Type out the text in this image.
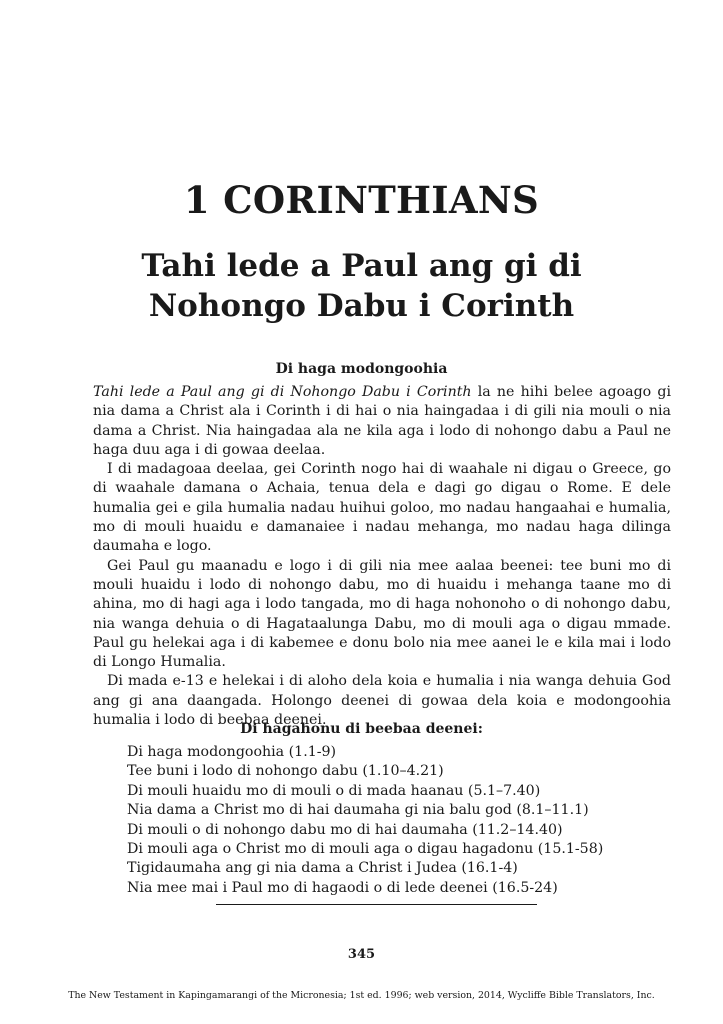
1 CORINTHIANS
Tahi lede a Paul ang gi di
Nohongo Dabu i Corinth
Di haga modongoohia

Tahi lede a Paul ang gi di Nohongo Dabu i Corinth la ne hihi belee agoago gi nia dama a Christ ala i Corinth i di hai o nia haingadaa i di gili nia mouli o nia dama a Christ. Nia haingadaa ala ne kila aga i lodo di nohongo dabu a Paul ne haga duu aga i di gowaa deelaa.

I di madagoaa deelaa, gei Corinth nogo hai di waahale ni digau o Greece, go di waahale damana o Achaia, tenua dela e dagi go digau o Rome. E dele humalia gei e gila humalia nadau huihui goloo, mo nadau hangaahai e humalia, mo di mouli huaidu e damanaiee i nadau mehanga, mo nadau haga dilinga daumaha e logo.

Gei Paul gu maanadu e logo i di gili nia mee aalaa beenei: tee buni mo di mouli huaidu i lodo di nohongo dabu, mo di huaidu i mehanga taane mo di ahina, mo di hagi aga i lodo tangada, mo di haga nohonoho o di nohongo dabu, nia wanga dehuia o di Hagataalunga Dabu, mo di mouli aga o digau mmade. Paul gu helekai aga i di kabemee e donu bolo nia mee aanei le e kila mai i lodo di Longo Humalia.

Di mada e-13 e helekai i di aloho dela koia e humalia i nia wanga dehuia God ang gi ana daangada. Holongo deenei di gowaa dela koia e modongoohia humalia i lodo di beebaa deenei.

Di hagahonu di beebaa deenei:
Di haga modongoohia (1.1-9)
Tee buni i lodo di nohongo dabu (1.10–4.21)
Di mouli huaidu mo di mouli o di mada haanau (5.1–7.40)
Nia dama a Christ mo di hai daumaha gi nia balu god (8.1–11.1)
Di mouli o di nohongo dabu mo di hai daumaha (11.2–14.40)
Di mouli aga o Christ mo di mouli aga o digau hagadonu (15.1-58)
Tigidaumaha ang gi nia dama a Christ i Judea (16.1-4)
Nia mee mai i Paul mo di hagaodi o di lede deenei (16.5-24)
345
The New Testament in Kapingamarangi of the Micronesia; 1st ed. 1996; web version, 2014, Wycliffe Bible Translators, Inc.
